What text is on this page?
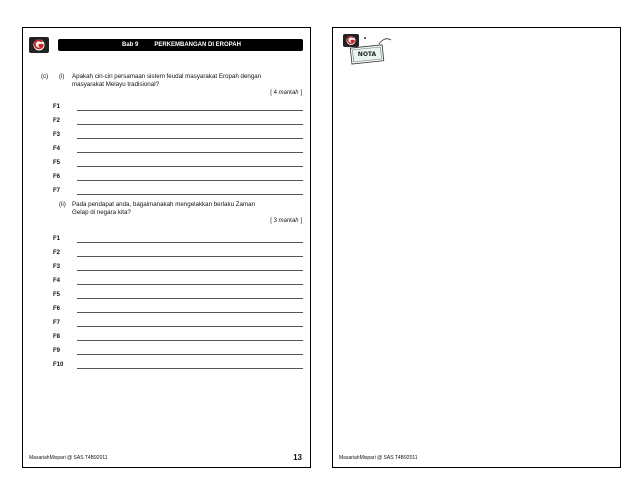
Bab 9	PERKEMBANGAN DI EROPAH
(c) (i) Apakah ciri-ciri persamaan sistem feudal masyarakat Eropah dengan
masyarakat Melayu tradisional?
[ 4 markah ]
F1
F2
F3
F4
F5
F6
F7
(ii) Pada pendapat anda, bagaimanakah mengelakkan berlaku Zaman
Gelap di negara kita?
[ 3 markah ]
F1
F2
F3
F4
F5
F6
F7
F8
F9
F10
MasariahMispari @ SAS T4B92011	13
NOTA
MasariahMispari @ SAS T4B92011
